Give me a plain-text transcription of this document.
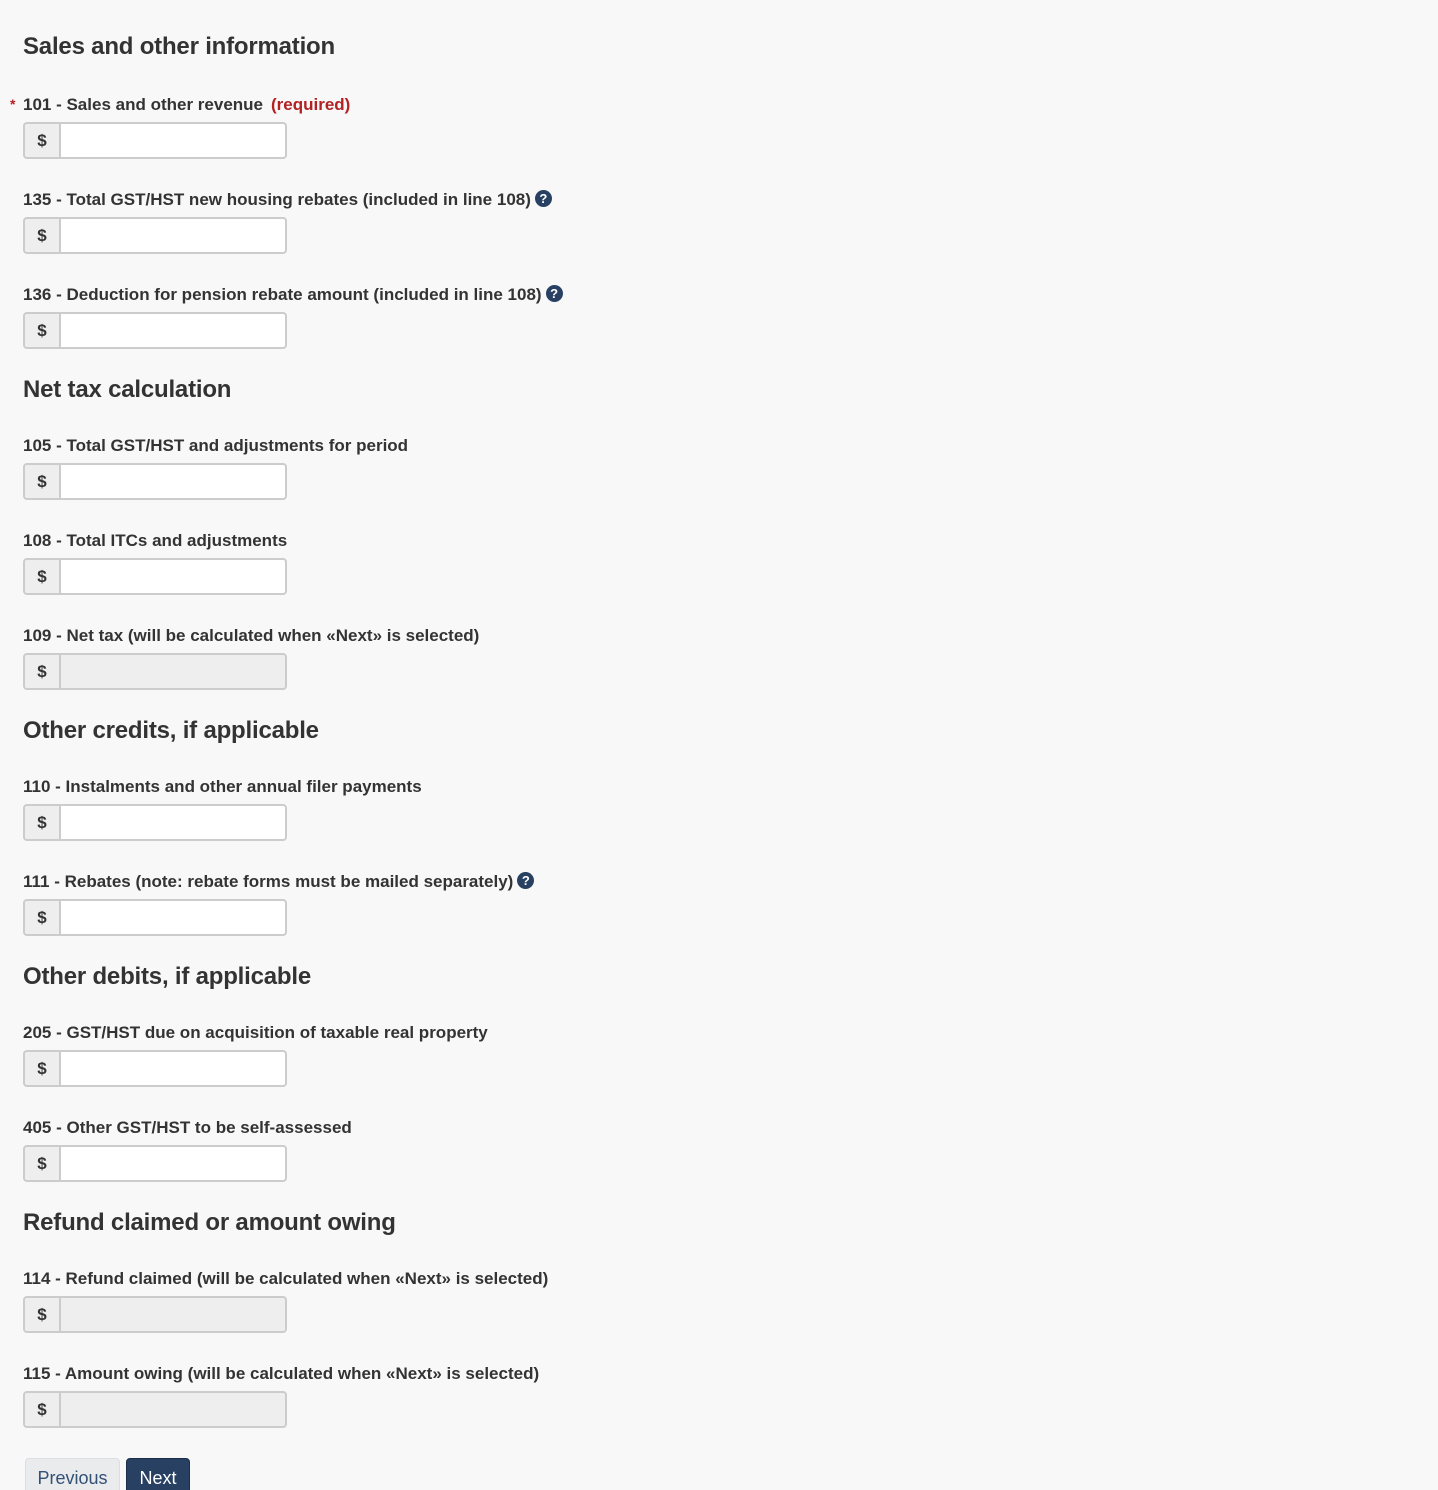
Sales and other information
* 101 - Sales and other revenue (required)
$
135 - Total GST/HST new housing rebates (included in line 108) ?
$
136 - Deduction for pension rebate amount (included in line 108) ?
$
Net tax calculation
105 - Total GST/HST and adjustments for period
$
108 - Total ITCs and adjustments
$
109 - Net tax (will be calculated when «Next» is selected)
$
Other credits, if applicable
110 - Instalments and other annual filer payments
$
111 - Rebates (note: rebate forms must be mailed separately) ?
$
Other debits, if applicable
205 - GST/HST due on acquisition of taxable real property
$
405 - Other GST/HST to be self-assessed
$
Refund claimed or amount owing
114 - Refund claimed (will be calculated when «Next» is selected)
$
115 - Amount owing (will be calculated when «Next» is selected)
$
Previous	Next
